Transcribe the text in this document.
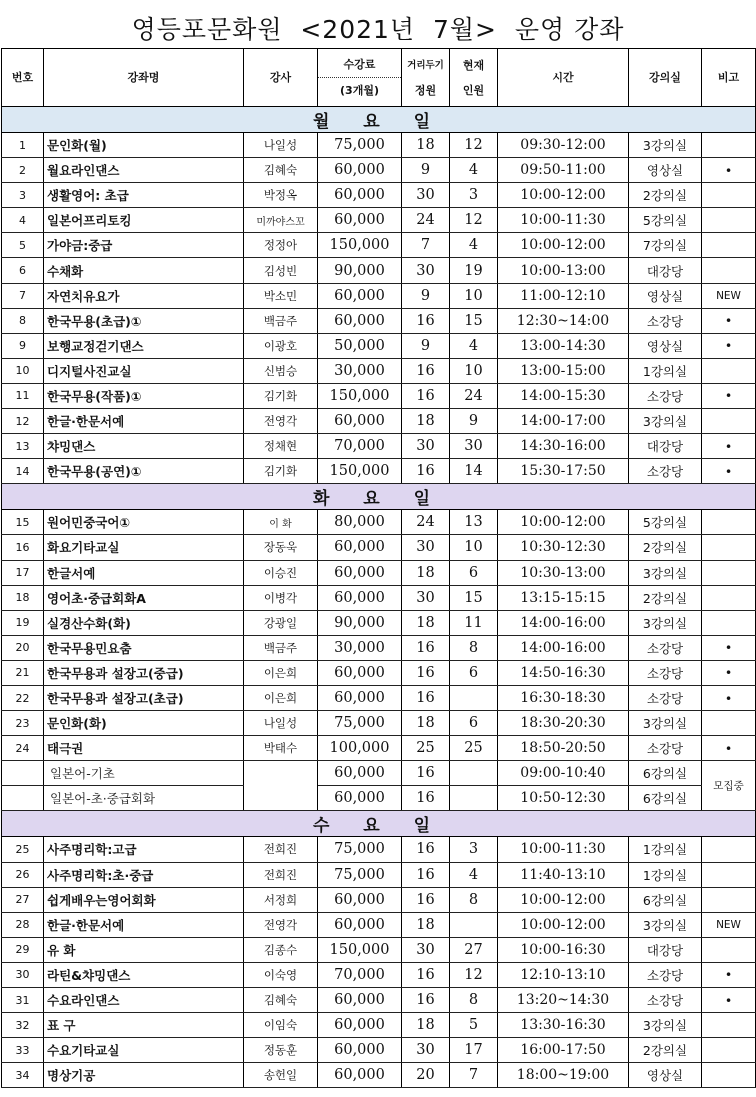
영등포문화원  <2021년  7월>  운영 강좌
번호	강좌명	강사	수강료
(3개월)	거리두기
정원	현재
인원	시간	강의실	비고
월 요 일								
1	문인화(월)	나일성	75,000	18	12	09:30-12:00	3강의실	
2	월요라인댄스	김혜숙	60,000	9	4	09:50-11:00	영상실	•
3	생활영어: 초급	박정옥	60,000	30	3	10:00-12:00	2강의실	
4	일본어프리토킹	미까야스꼬	60,000	24	12	10:00-11:30	5강의실	
5	가야금:중급	정정아	150,000	7	4	10:00-12:00	7강의실	
6	수채화	김성빈	90,000	30	19	10:00-13:00	대강당	
7	자연치유요가	박소민	60,000	9	10	11:00-12:10	영상실	NEW
8	한국무용(초급)①	백금주	60,000	16	15	12:30~14:00	소강당	•
9	보행교정걷기댄스	이광호	50,000	9	4	13:00-14:30	영상실	•
10	디지털사진교실	신범승	30,000	16	10	13:00-15:00	1강의실	
11	한국무용(작품)①	김기화	150,000	16	24	14:00-15:30	소강당	•
12	한글·한문서예	전영각	60,000	18	9	14:00-17:00	3강의실	
13	챠밍댄스	정채현	70,000	30	30	14:30-16:00	대강당	•
14	한국무용(공연)①	김기화	150,000	16	14	15:30-17:50	소강당	•
화 요 일								
15	원어민중국어①	이 화	80,000	24	13	10:00-12:00	5강의실	
16	화요기타교실	장동욱	60,000	30	10	10:30-12:30	2강의실	
17	한글서예	이승진	60,000	18	6	10:30-13:00	3강의실	
18	영어초·중급회화A	이병각	60,000	30	15	13:15-15:15	2강의실	
19	실경산수화(화)	강광일	90,000	18	11	14:00-16:00	3강의실	
20	한국무용민요춤	백금주	30,000	16	8	14:00-16:00	소강당	•
21	한국무용과 설장고(중급)	이은희	60,000	16	6	14:50-16:30	소강당	•
22	한국무용과 설장고(초급)	이은희	60,000	16		16:30-18:30	소강당	•
23	문인화(화)	나일성	75,000	18	6	18:30-20:30	3강의실	
24	태극권	박태수	100,000	25	25	18:50-20:50	소강당	•
	일본어-기초		60,000	16		09:00-10:40	6강의실	모집중
	일본어-초·중급회화		60,000	16		10:50-12:30	6강의실	
수 요 일								
25	사주명리학:고급	전희진	75,000	16	3	10:00-11:30	1강의실	
26	사주명리학:초·중급	전희진	75,000	16	4	11:40-13:10	1강의실	
27	쉽게배우는영어회화	서정희	60,000	16	8	10:00-12:00	6강의실	
28	한글·한문서예	전영각	60,000	18		10:00-12:00	3강의실	NEW
29	유 화	김종수	150,000	30	27	10:00-16:30	대강당	
30	라틴&챠밍댄스	이숙영	70,000	16	12	12:10-13:10	소강당	•
31	수요라인댄스	김혜숙	60,000	16	8	13:20~14:30	소강당	•
32	표 구	이임숙	60,000	18	5	13:30-16:30	3강의실	
33	수요기타교실	정동훈	60,000	30	17	16:00-17:50	2강의실	
34	명상기공	송헌일	60,000	20	7	18:00~19:00	영상실	
